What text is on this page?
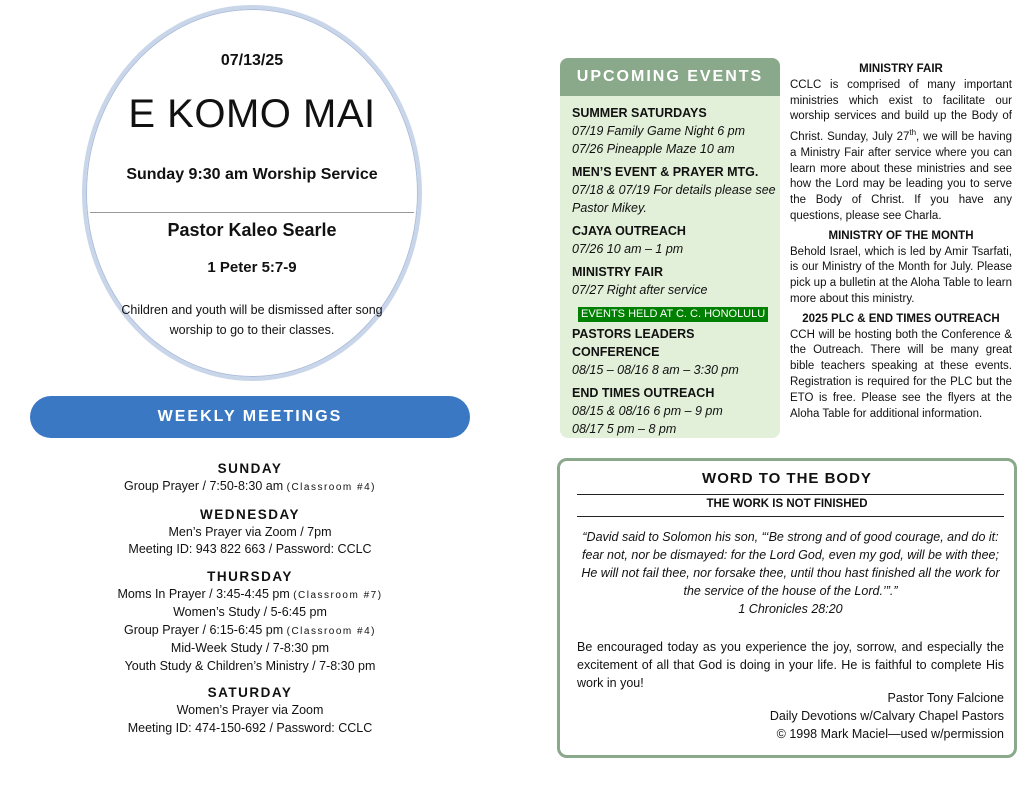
07/13/25
E KOMO MAI
Sunday 9:30 am Worship Service
Pastor Kaleo Searle
1 Peter 5:7-9
Children and youth will be dismissed after song worship to go to their classes.
WEEKLY MEETINGS
SUNDAY
Group Prayer / 7:50-8:30 am (Classroom #4)
WEDNESDAY
Men’s Prayer via Zoom / 7pm
Meeting ID: 943 822 663 / Password: CCLC
THURSDAY
Moms In Prayer / 3:45-4:45 pm (Classroom #7)
Women’s Study / 5-6:45 pm
Group Prayer / 6:15-6:45 pm (Classroom #4)
Mid-Week Study / 7-8:30 pm
Youth Study & Children’s Ministry / 7-8:30 pm
SATURDAY
Women’s Prayer via Zoom
Meeting ID: 474-150-692 / Password: CCLC
UPCOMING EVENTS
SUMMER SATURDAYS
07/19 Family Game Night 6 pm
07/26 Pineapple Maze 10 am
MEN’S EVENT & PRAYER MTG.
07/18 & 07/19 For details please see Pastor Mikey.
CJAYA OUTREACH
07/26 10 am – 1 pm
MINISTRY FAIR
07/27 Right after service
EVENTS HELD AT C. C. HONOLULU
PASTORS LEADERS CONFERENCE
08/15 – 08/16 8 am – 3:30 pm
END TIMES OUTREACH
08/15 & 08/16 6 pm – 9 pm
08/17 5 pm – 8 pm
MINISTRY FAIR
CCLC is comprised of many important ministries which exist to facilitate our worship services and build up the Body of Christ. Sunday, July 27th, we will be having a Ministry Fair after service where you can learn more about these ministries and see how the Lord may be leading you to serve the Body of Christ. If you have any questions, please see Charla.
MINISTRY OF THE MONTH
Behold Israel, which is led by Amir Tsarfati, is our Ministry of the Month for July. Please pick up a bulletin at the Aloha Table to learn more about this ministry.
2025 PLC & END TIMES OUTREACH
CCH will be hosting both the Conference & the Outreach. There will be many great bible teachers speaking at these events. Registration is required for the PLC but the ETO is free. Please see the flyers at the Aloha Table for additional information.
WORD TO THE BODY
THE WORK IS NOT FINISHED
“David said to Solomon his son, “‘Be strong and of good courage, and do it: fear not, nor be dismayed: for the Lord God, even my god, will be with thee; He will not fail thee, nor forsake thee, until thou hast finished all the work for the service of the house of the Lord.’”.”
1 Chronicles 28:20
Be encouraged today as you experience the joy, sorrow, and especially the excitement of all that God is doing in your life. He is faithful to complete His work in you!
Pastor Tony Falcione
Daily Devotions w/Calvary Chapel Pastors
© 1998 Mark Maciel—used w/permission
